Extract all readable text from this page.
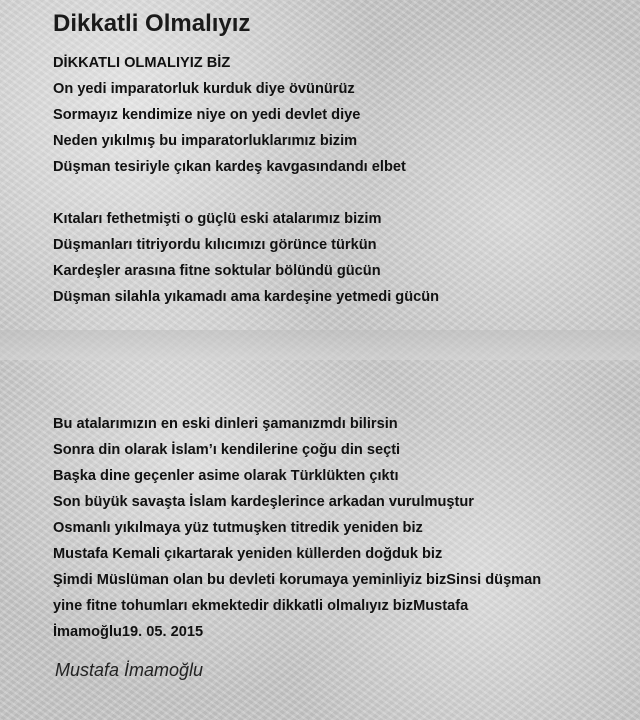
Dikkatli Olmalıyız
DİKKATLI OLMALIYIZ BİZ
On yedi imparatorluk kurduk diye övünürüz
Sormayız kendimize niye on yedi devlet diye
Neden yıkılmış bu imparatorluklarımız bizim
Düşman tesiriyle çıkan kardeş kavgasındandı elbet
Kıtaları fethetmişti o güçlü eski atalarımız bizim
Düşmanları titriyordu kılıcımızı görünce türkün
Kardeşler arasına fitne soktular bölündü gücün
Düşman silahla yıkamadı ama kardeşine yetmedi gücün
Bu atalarımızın en eski dinleri şamanızmdı bilirsin
Sonra din olarak İslam’ı kendilerine çoğu din seçti
Başka dine geçenler asime olarak Türklükten çıktı
Son büyük savaşta İslam kardeşlerince arkadan vurulmuştur
Osmanlı yıkılmaya yüz tutmuşken titredik yeniden biz
Mustafa Kemali çıkartarak yeniden küllerden doğduk biz
Şimdi Müslüman olan bu devleti korumaya yeminliyiz bizSinsi düşman
yine fitne tohumları ekmektedir dikkatli olmalıyız bizMustafa
İmamoğlu19. 05. 2015
Mustafa İmamoğlu
